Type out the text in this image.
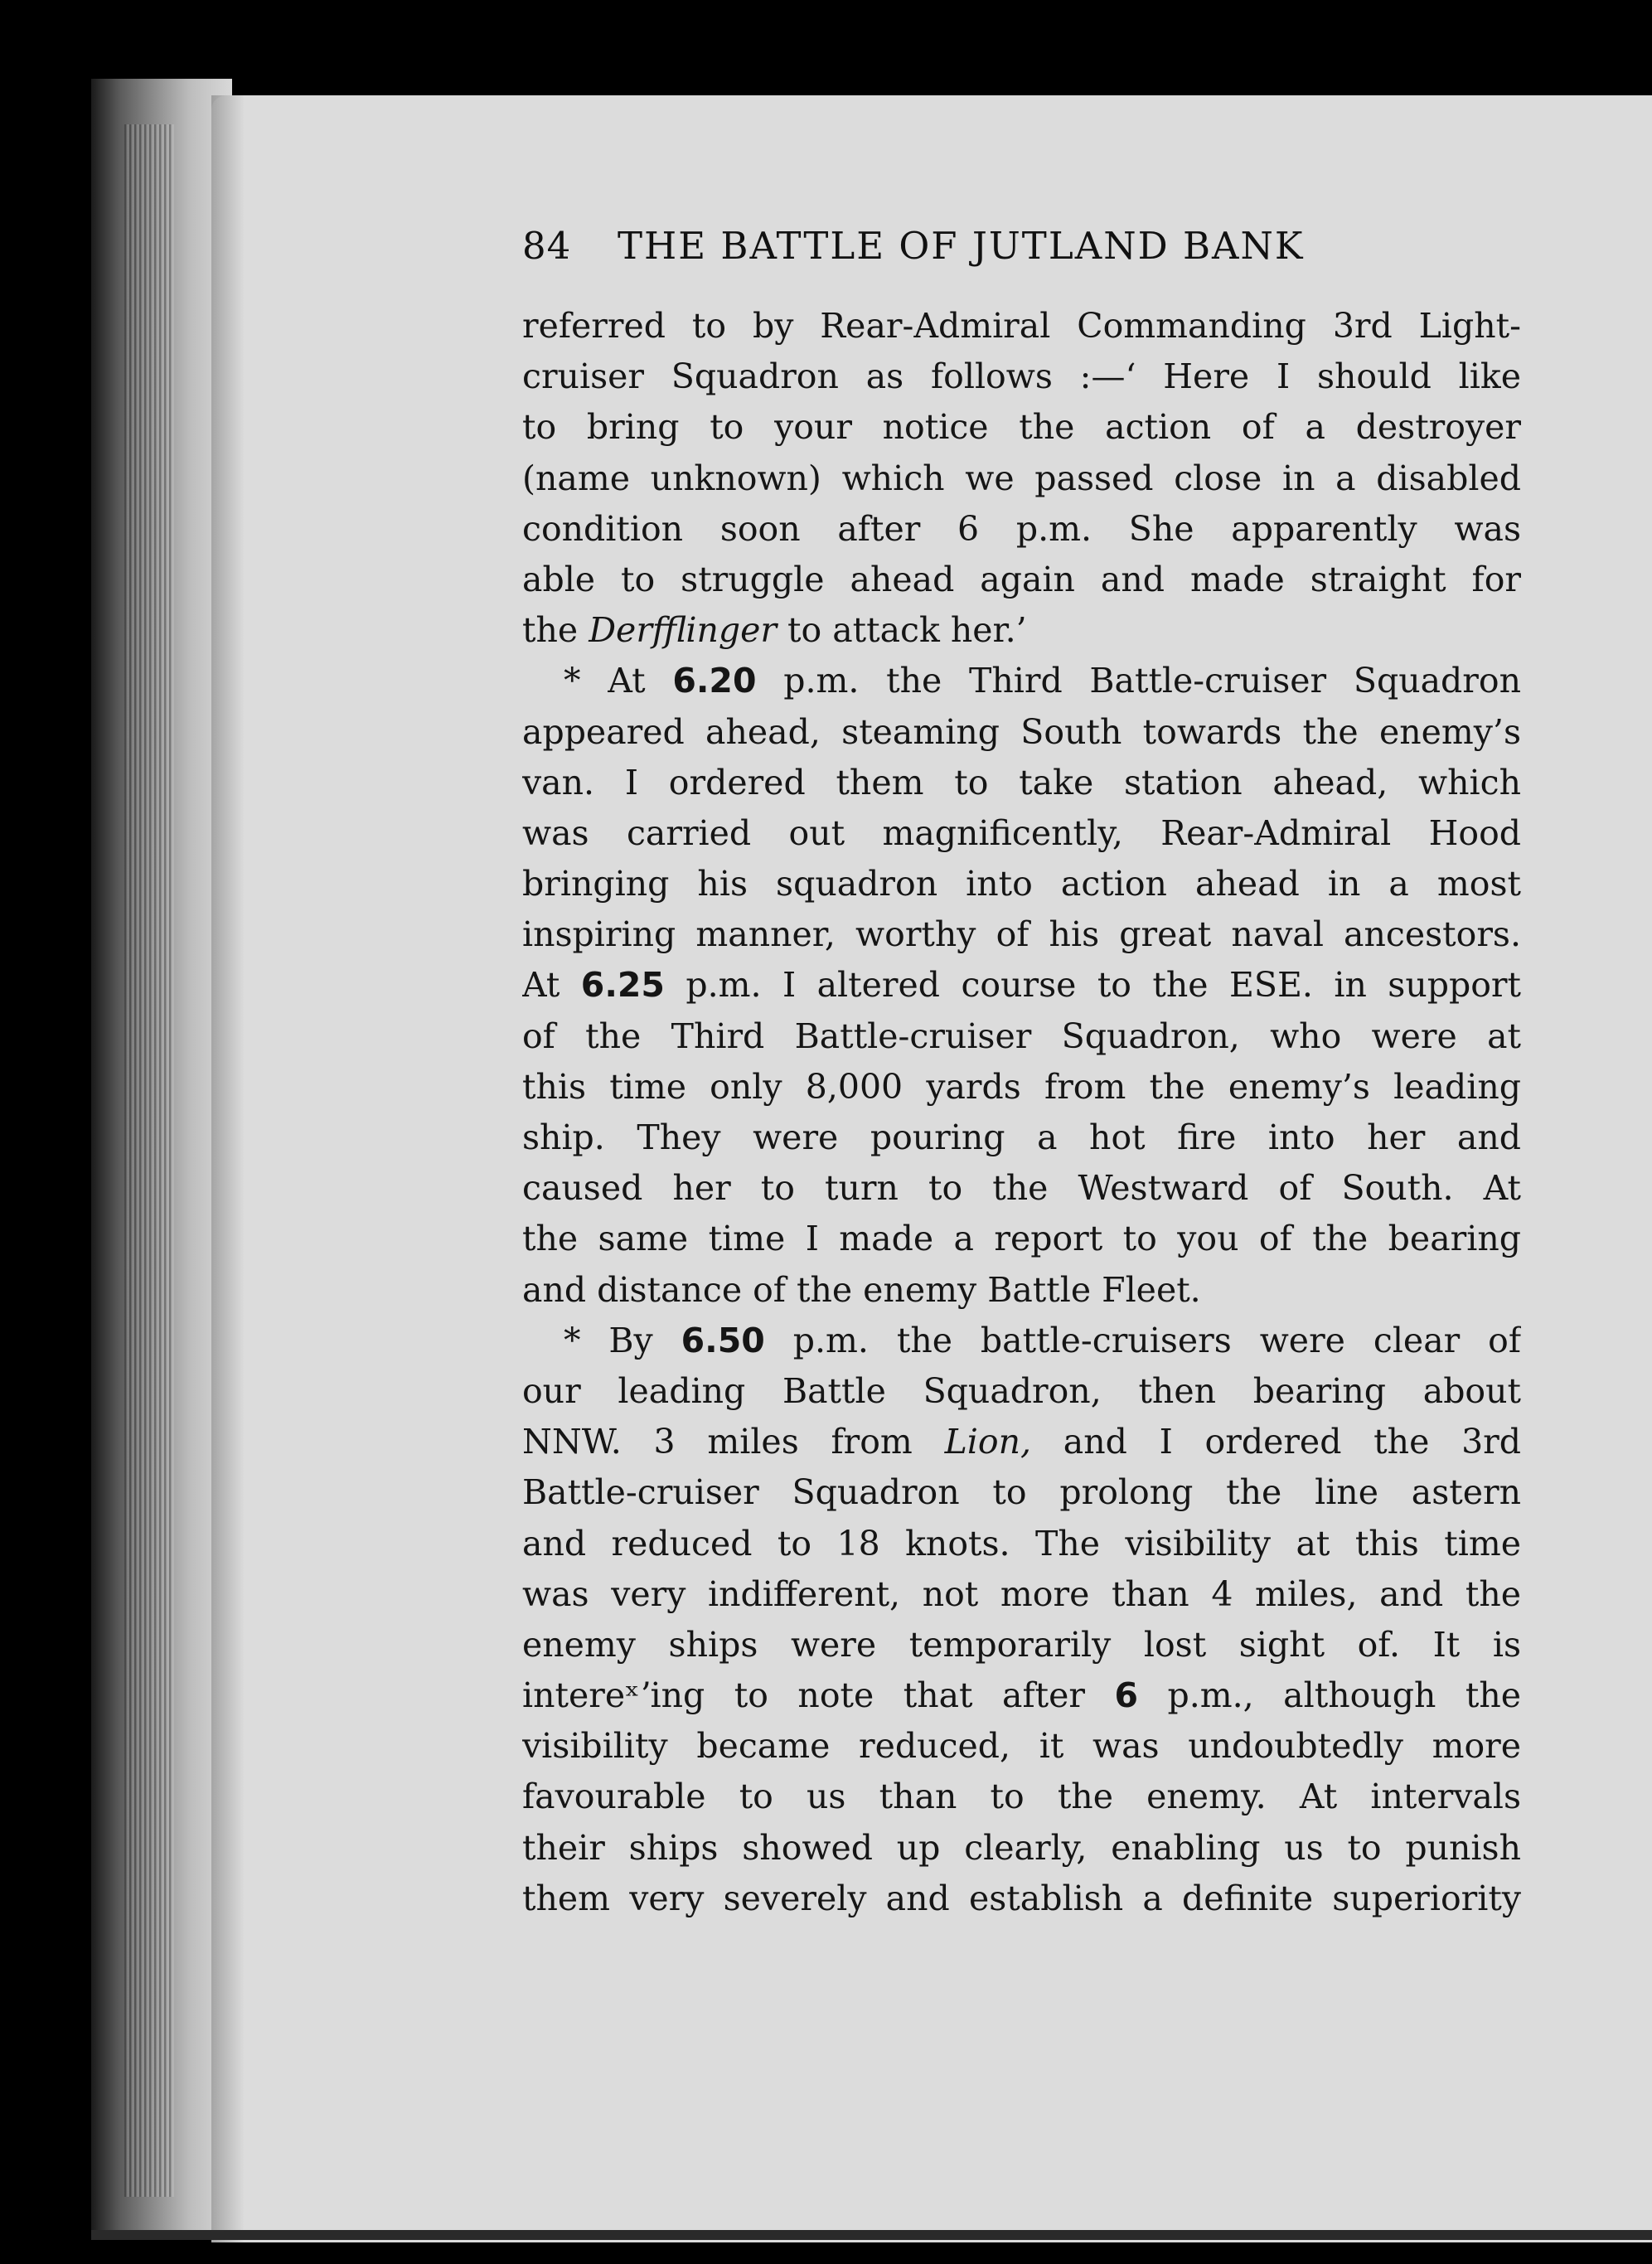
84	THE BATTLE OF JUTLAND BANK
referred to by Rear-Admiral Commanding 3rd Light-
cruiser Squadron as follows :—‘ Here I should like
to bring to your notice the action of a destroyer
(name unknown) which we passed close in a disabled
condition soon after 6 p.m. She apparently was
able to struggle ahead again and made straight for
the Derfflinger to attack her.’
* At 6.20 p.m. the Third Battle-cruiser Squadron
appeared ahead, steaming South towards the enemy’s
van. I ordered them to take station ahead, which
was carried out magnificently, Rear-Admiral Hood
bringing his squadron into action ahead in a most
inspiring manner, worthy of his great naval ancestors.
At 6.25 p.m. I altered course to the ESE. in support
of the Third Battle-cruiser Squadron, who were at
this time only 8,000 yards from the enemy’s leading
ship. They were pouring a hot fire into her and
caused her to turn to the Westward of South. At
the same time I made a report to you of the bearing
and distance of the enemy Battle Fleet.
* By 6.50 p.m. the battle-cruisers were clear of
our leading Battle Squadron, then bearing about
NNW. 3 miles from Lion, and I ordered the 3rd
Battle-cruiser Squadron to prolong the line astern
and reduced to 18 knots. The visibility at this time
was very indifferent, not more than 4 miles, and the
enemy ships were temporarily lost sight of. It is
intereˣʼing to note that after 6 p.m., although the
visibility became reduced, it was undoubtedly more
favourable to us than to the enemy. At intervals
their ships showed up clearly, enabling us to punish
them very severely and establish a definite superiority
